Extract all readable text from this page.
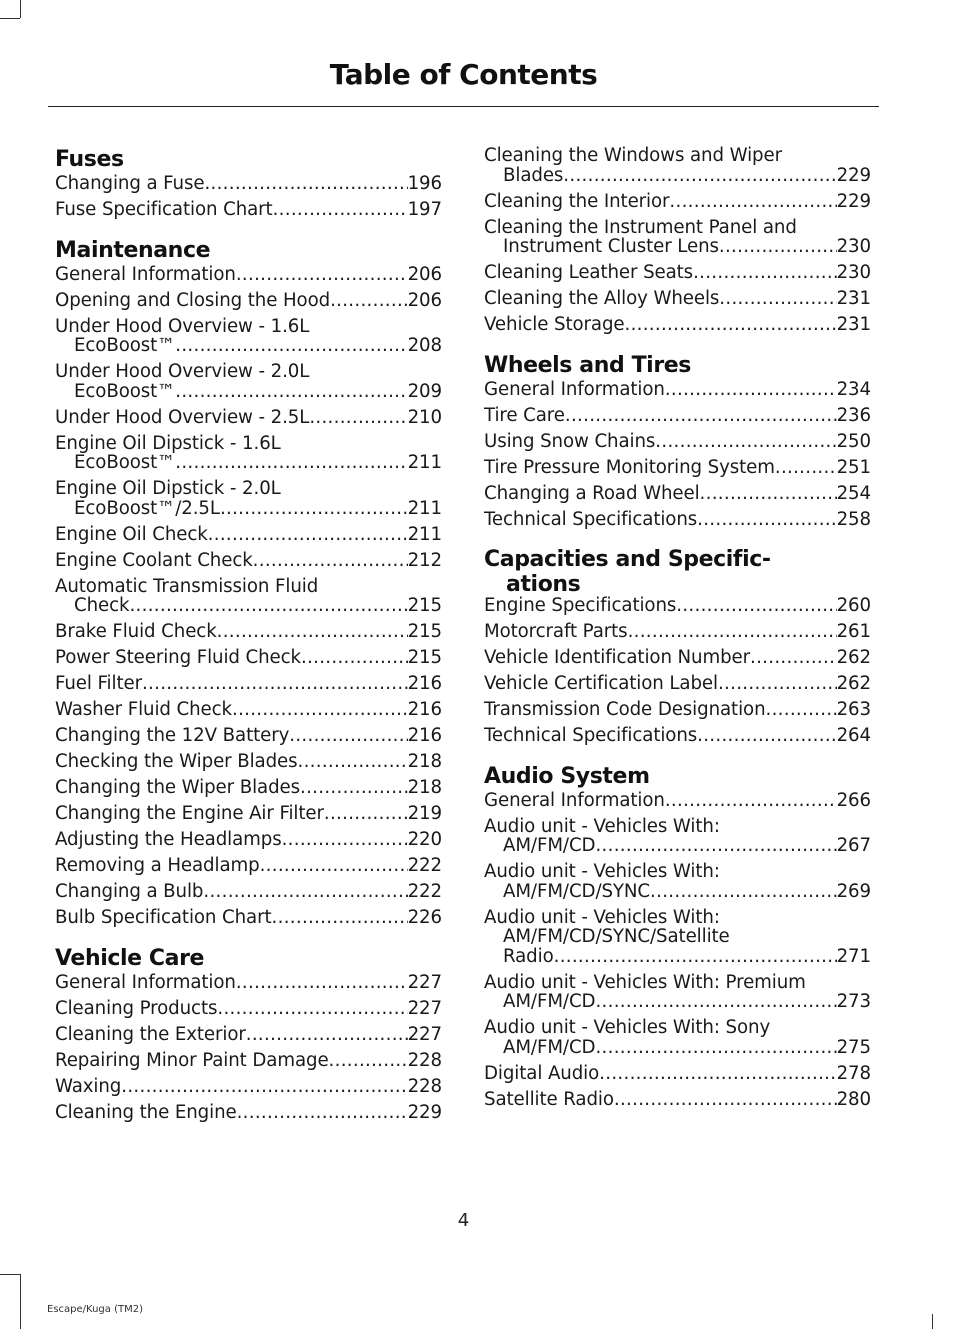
Table of Contents
Fuses
Changing a Fuse .....	196
Fuse Specification Chart .....	197
Maintenance
General Information .....	206
Opening and Closing the Hood .....	206
Under Hood Overview - 1.6L
EcoBoost™ .....	208
Under Hood Overview - 2.0L
EcoBoost™ .....	209
Under Hood Overview - 2.5L .....	210
Engine Oil Dipstick - 1.6L
EcoBoost™ .....	211
Engine Oil Dipstick - 2.0L
EcoBoost™/2.5L .....	211
Engine Oil Check .....	211
Engine Coolant Check .....	212
Automatic Transmission Fluid
Check .....	215
Brake Fluid Check .....	215
Power Steering Fluid Check .....	215
Fuel Filter .....	216
Washer Fluid Check .....	216
Changing the 12V Battery .....	216
Checking the Wiper Blades .....	218
Changing the Wiper Blades .....	218
Changing the Engine Air Filter .....	219
Adjusting the Headlamps .....	220
Removing a Headlamp .....	222
Changing a Bulb .....	222
Bulb Specification Chart .....	226
Vehicle Care
General Information .....	227
Cleaning Products .....	227
Cleaning the Exterior .....	227
Repairing Minor Paint Damage .....	228
Waxing .....	228
Cleaning the Engine .....	229
Cleaning the Windows and Wiper
Blades .....	229
Cleaning the Interior .....	229
Cleaning the Instrument Panel and
Instrument Cluster Lens .....	230
Cleaning Leather Seats .....	230
Cleaning the Alloy Wheels .....	231
Vehicle Storage .....	231
Wheels and Tires
General Information .....	234
Tire Care .....	236
Using Snow Chains .....	250
Tire Pressure Monitoring System .....	251
Changing a Road Wheel .....	254
Technical Specifications .....	258
Capacities and Specific-
ations
Engine Specifications .....	260
Motorcraft Parts .....	261
Vehicle Identification Number .....	262
Vehicle Certification Label .....	262
Transmission Code Designation .....	263
Technical Specifications .....	264
Audio System
General Information .....	266
Audio unit - Vehicles With:
AM/FM/CD .....	267
Audio unit - Vehicles With:
AM/FM/CD/SYNC .....	269
Audio unit - Vehicles With:
AM/FM/CD/SYNC/Satellite
Radio .....	271
Audio unit - Vehicles With: Premium
AM/FM/CD .....	273
Audio unit - Vehicles With: Sony
AM/FM/CD .....	275
Digital Audio .....	278
Satellite Radio .....	280
4
Escape/Kuga (TM2)
